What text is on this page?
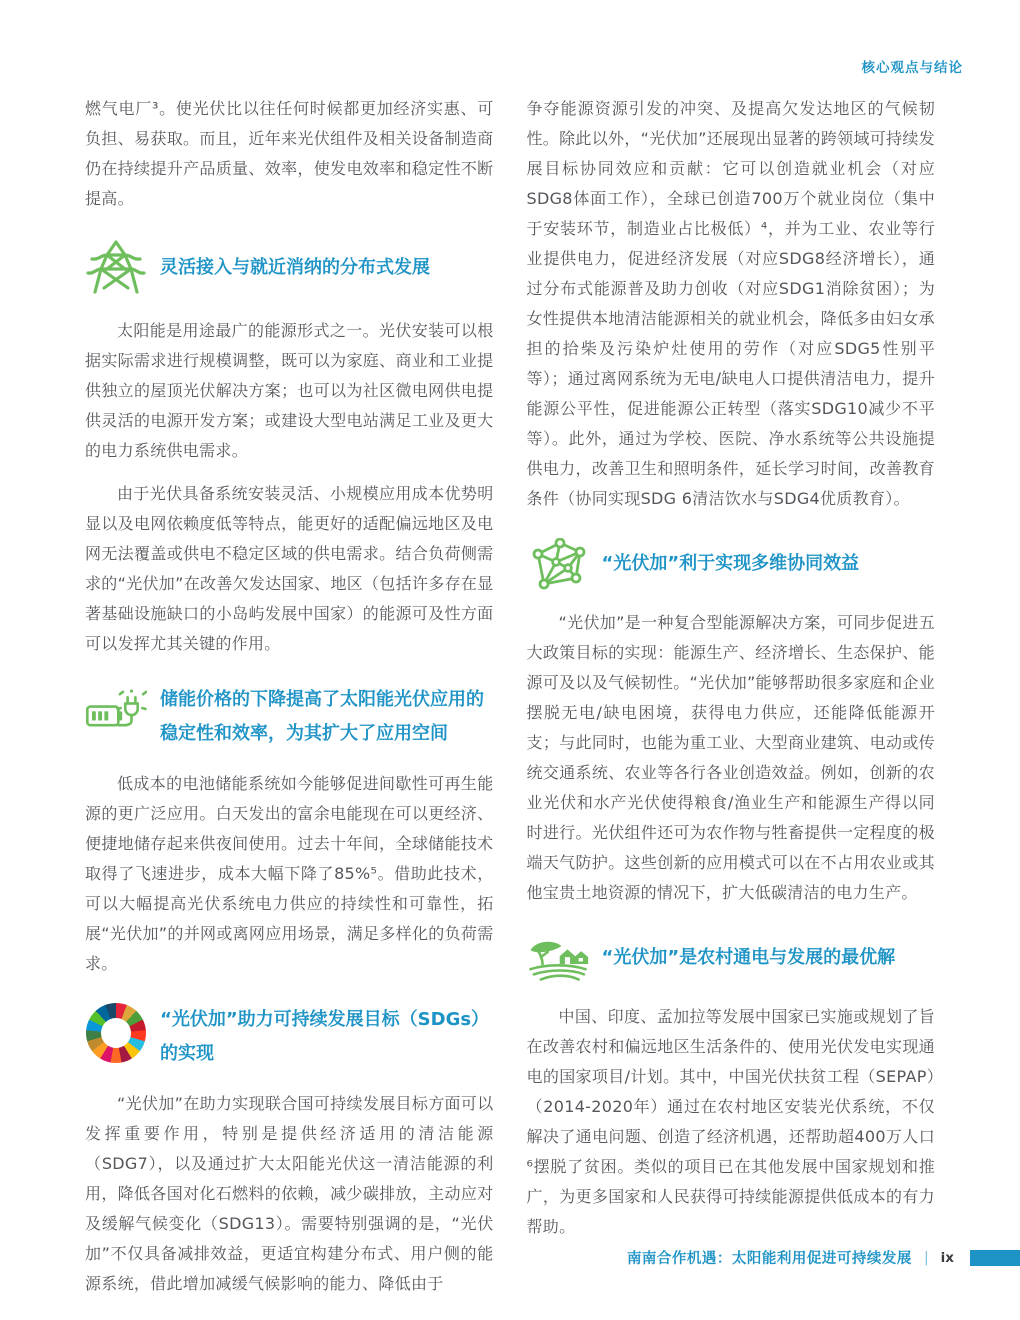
核心观点与结论

燃气电厂³。使光伏比以往任何时候都更加经济实惠、可负担、易获取。而且，近年来光伏组件及相关设备制造商仍在持续提升产品质量、效率，使发电效率和稳定性不断提高。

灵活接入与就近消纳的分布式发展

太阳能是用途最广的能源形式之一。光伏安装可以根据实际需求进行规模调整，既可以为家庭、商业和工业提供独立的屋顶光伏解决方案；也可以为社区微电网供电提供灵活的电源开发方案；或建设大型电站满足工业及更大的电力系统供电需求。

由于光伏具备系统安装灵活、小规模应用成本优势明显以及电网依赖度低等特点，能更好的适配偏远地区及电网无法覆盖或供电不稳定区域的供电需求。结合负荷侧需求的“光伏加”在改善欠发达国家、地区（包括许多存在显著基础设施缺口的小岛屿发展中国家）的能源可及性方面可以发挥尤其关键的作用。

储能价格的下降提高了太阳能光伏应用的稳定性和效率，为其扩大了应用空间

低成本的电池储能系统如今能够促进间歇性可再生能源的更广泛应用。白天发出的富余电能现在可以更经济、便捷地储存起来供夜间使用。过去十年间，全球储能技术取得了飞速进步，成本大幅下降了85%⁵。借助此技术，可以大幅提高光伏系统电力供应的持续性和可靠性，拓展“光伏加”的并网或离网应用场景，满足多样化的负荷需求。

“光伏加”助力可持续发展目标（SDGs）的实现

“光伏加”在助力实现联合国可持续发展目标方面可以发挥重要作用，特别是提供经济适用的清洁能源（SDG7），以及通过扩大太阳能光伏这一清洁能源的利用，降低各国对化石燃料的依赖，减少碳排放，主动应对及缓解气候变化（SDG13）。需要特别强调的是，“光伏加”不仅具备减排效益，更适宜构建分布式、用户侧的能源系统，借此增加减缓气候影响的能力、降低由于

争夺能源资源引发的冲突、及提高欠发达地区的气候韧性。除此以外，“光伏加”还展现出显著的跨领域可持续发展目标协同效应和贡献：它可以创造就业机会（对应SDG8体面工作），全球已创造700万个就业岗位（集中于安装环节，制造业占比极低）⁴，并为工业、农业等行业提供电力，促进经济发展（对应SDG8经济增长），通过分布式能源普及助力创收（对应SDG1消除贫困）；为女性提供本地清洁能源相关的就业机会，降低多由妇女承担的拾柴及污染炉灶使用的劳作（对应SDG5性别平等）；通过离网系统为无电/缺电人口提供清洁电力，提升能源公平性，促进能源公正转型（落实SDG10减少不平等）。此外，通过为学校、医院、净水系统等公共设施提供电力，改善卫生和照明条件，延长学习时间，改善教育条件（协同实现SDG 6清洁饮水与SDG4优质教育）。

“光伏加”利于实现多维协同效益

“光伏加”是一种复合型能源解决方案，可同步促进五大政策目标的实现：能源生产、经济增长、生态保护、能源可及以及气候韧性。“光伏加”能够帮助很多家庭和企业摆脱无电/缺电困境，获得电力供应，还能降低能源开支；与此同时，也能为重工业、大型商业建筑、电动或传统交通系统、农业等各行各业创造效益。例如，创新的农业光伏和水产光伏使得粮食/渔业生产和能源生产得以同时进行。光伏组件还可为农作物与牲畜提供一定程度的极端天气防护。这些创新的应用模式可以在不占用农业或其他宝贵土地资源的情况下，扩大低碳清洁的电力生产。

“光伏加”是农村通电与发展的最优解

中国、印度、孟加拉等发展中国家已实施或规划了旨在改善农村和偏远地区生活条件的、使用光伏发电实现通电的国家项目/计划。其中，中国光伏扶贫工程（SEPAP）（2014-2020年）通过在农村地区安装光伏系统，不仅解决了通电问题、创造了经济机遇，还帮助超400万人口⁶摆脱了贫困。类似的项目已在其他发展中国家规划和推广，为更多国家和人民获得可持续能源提供低成本的有力帮助。

南南合作机遇：太阳能利用促进可持续发展 | ix
